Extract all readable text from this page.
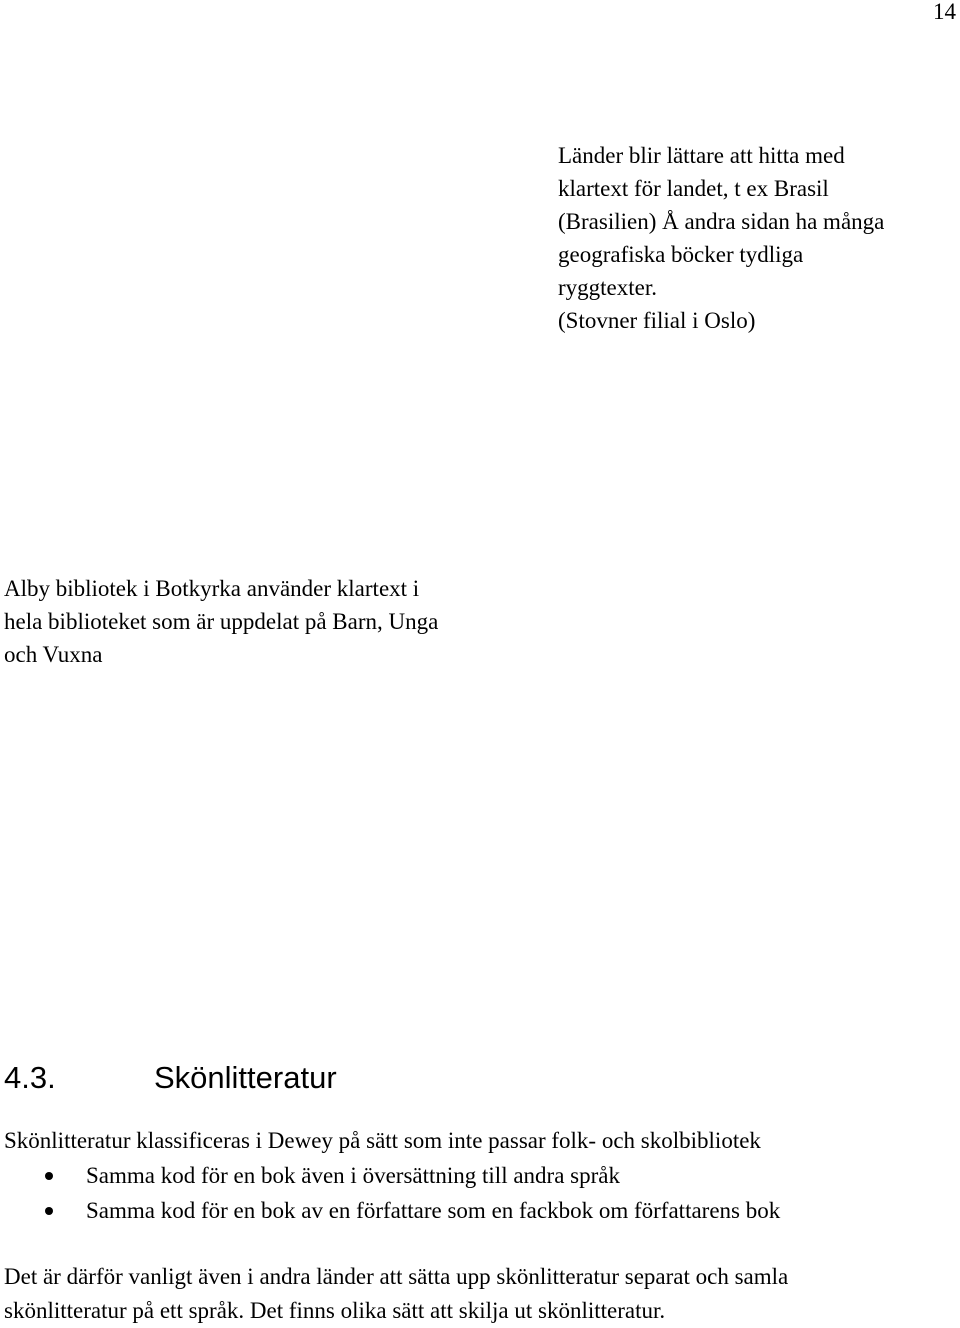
14
Länder blir lättare att hitta med
klartext för landet, t ex Brasil
(Brasilien) Å andra sidan ha många
geografiska böcker tydliga
ryggtexter.
(Stovner filial i Oslo)
Alby bibliotek i Botkyrka använder klartext i
hela biblioteket som är uppdelat på Barn, Unga
och Vuxna
4.3.	Skönlitteratur
Skönlitteratur klassificeras i Dewey på sätt som inte passar folk- och skolbibliotek
Samma kod för en bok även i översättning till andra språk
Samma kod för en bok av en författare som en fackbok om författarens bok
Det är därför vanligt även i andra länder att sätta upp skönlitteratur separat och samla
skönlitteratur på ett språk. Det finns olika sätt att skilja ut skönlitteratur.
